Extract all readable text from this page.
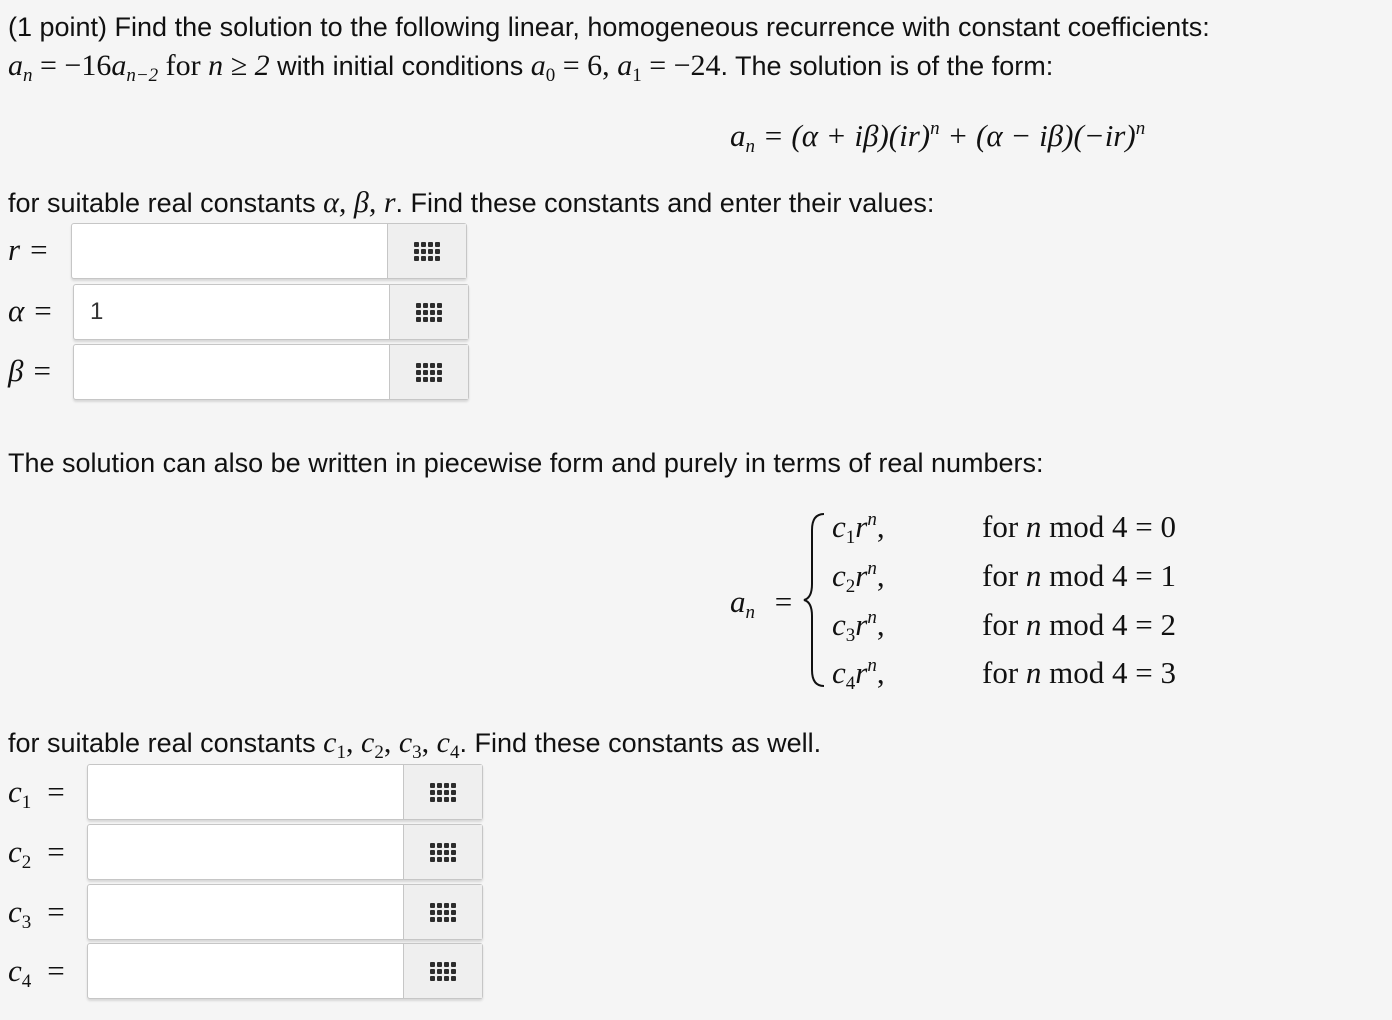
(1 point) Find the solution to the following linear, homogeneous recurrence with constant coefficients:
$a_n = -16a_{n-2}$ for n ≥ 2 with initial conditions $a_0 = 6$, $a_1 = -24$. The solution is of the form:
$a_n = (\alpha + i\beta)(ir)^n + (\alpha - i\beta)(-ir)^n$
for suitable real constants α, β, r. Find these constants and enter their values:
r =
α =
1
β =
The solution can also be written in piecewise form and purely in terms of real numbers:
$a_n$ =
$c_1r^n$,	for n mod 4 = 0
$c_2r^n$,	for n mod 4 = 1
$c_3r^n$,	for n mod 4 = 2
$c_4r^n$,	for n mod 4 = 3
for suitable real constants $c_1$, $c_2$, $c_3$, $c_4$. Find these constants as well.
$c_1$ =
$c_2$ =
$c_3$ =
$c_4$ =
